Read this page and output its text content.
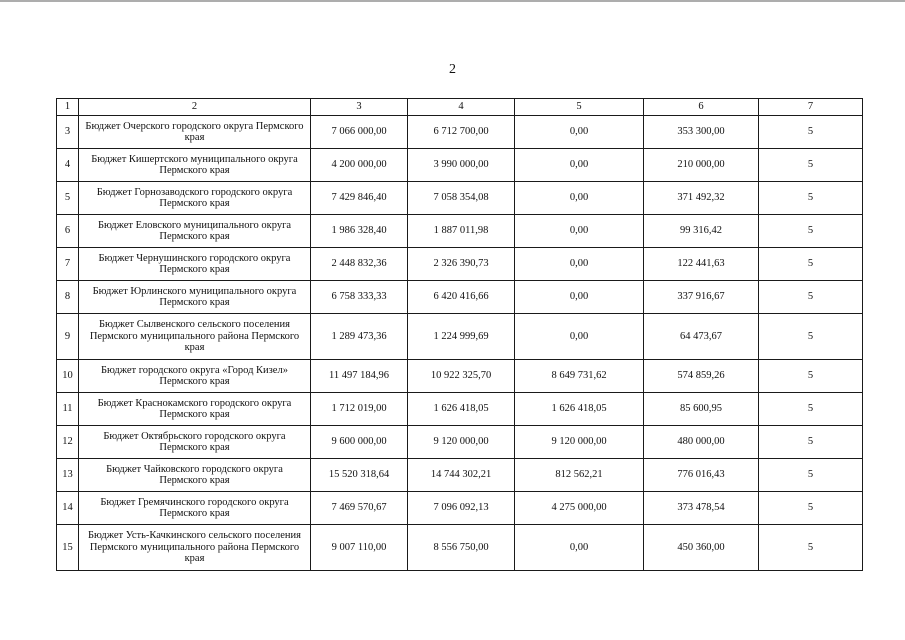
2
1	2	3	4	5	6	7
3	Бюджет Очерского городского округа Пермского края	7 066 000,00	6 712 700,00	0,00	353 300,00	5
4	Бюджет Кишертского муниципального округа Пермского края	4 200 000,00	3 990 000,00	0,00	210 000,00	5
5	Бюджет Горнозаводского городского округа Пермского края	7 429 846,40	7 058 354,08	0,00	371 492,32	5
6	Бюджет Еловского муниципального округа Пермского края	1 986 328,40	1 887 011,98	0,00	99 316,42	5
7	Бюджет Чернушинского городского округа Пермского края	2 448 832,36	2 326 390,73	0,00	122 441,63	5
8	Бюджет Юрлинского муниципального округа Пермского края	6 758 333,33	6 420 416,66	0,00	337 916,67	5
9	Бюджет Сылвенского сельского поселения Пермского муниципального района Пермского края	1 289 473,36	1 224 999,69	0,00	64 473,67	5
10	Бюджет городского округа «Город Кизел» Пермского края	11 497 184,96	10 922 325,70	8 649 731,62	574 859,26	5
11	Бюджет Краснокамского городского округа Пермского края	1 712 019,00	1 626 418,05	1 626 418,05	85 600,95	5
12	Бюджет Октябрьского городского округа Пермского края	9 600 000,00	9 120 000,00	9 120 000,00	480 000,00	5
13	Бюджет Чайковского городского округа Пермского края	15 520 318,64	14 744 302,21	812 562,21	776 016,43	5
14	Бюджет Гремячинского городского округа Пермского края	7 469 570,67	7 096 092,13	4 275 000,00	373 478,54	5
15	Бюджет Усть-Качкинского сельского поселения Пермского муниципального района Пермского края	9 007 110,00	8 556 750,00	0,00	450 360,00	5
